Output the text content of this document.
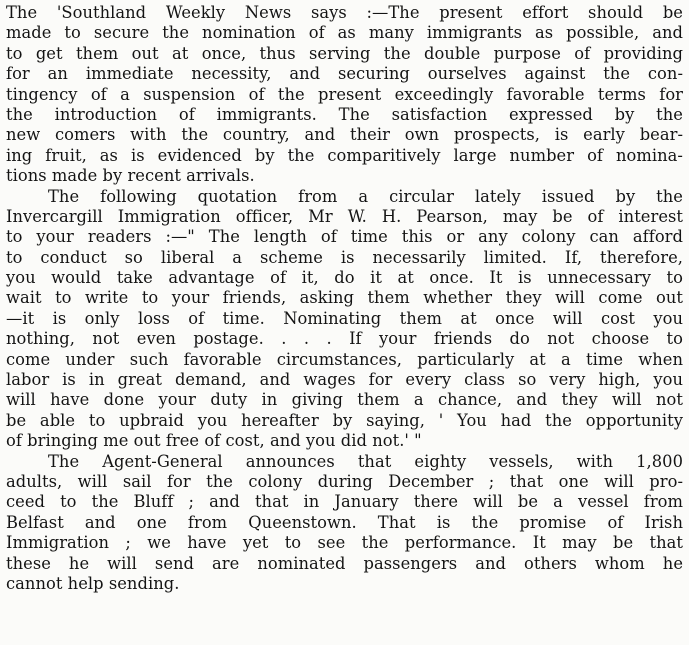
The 'Southland Weekly News says :—The present effort should be
made to secure the nomination of as many immigrants as possible, and
to get them out at once, thus serving the double purpose of providing
for an immediate necessity, and securing ourselves against the con-
tingency of a suspension of the present exceedingly favorable terms for
the introduction of immigrants. The satisfaction expressed by the
new comers with the country, and their own prospects, is early bear-
ing fruit, as is evidenced by the comparitively large number of nomina-
tions made by recent arrivals.
The following quotation from a circular lately issued by the
Invercargill Immigration officer, Mr W. H. Pearson, may be of interest
to your readers :—" The length of time this or any colony can afford
to conduct so liberal a scheme is necessarily limited. If, therefore,
you would take advantage of it, do it at once. It is unnecessary to
wait to write to your friends, asking them whether they will come out
—it is only loss of time. Nominating them at once will cost you
nothing, not even postage. . . . If your friends do not choose to
come under such favorable circumstances, particularly at a time when
labor is in great demand, and wages for every class so very high, you
will have done your duty in giving them a chance, and they will not
be able to upbraid you hereafter by saying, ' You had the opportunity
of bringing me out free of cost, and you did not.' "
The Agent-General announces that eighty vessels, with 1,800
adults, will sail for the colony during December ; that one will pro-
ceed to the Bluff ; and that in January there will be a vessel from
Belfast and one from Queenstown. That is the promise of Irish
Immigration ; we have yet to see the performance. It may be that
these he will send are nominated passengers and others whom he
cannot help sending.
